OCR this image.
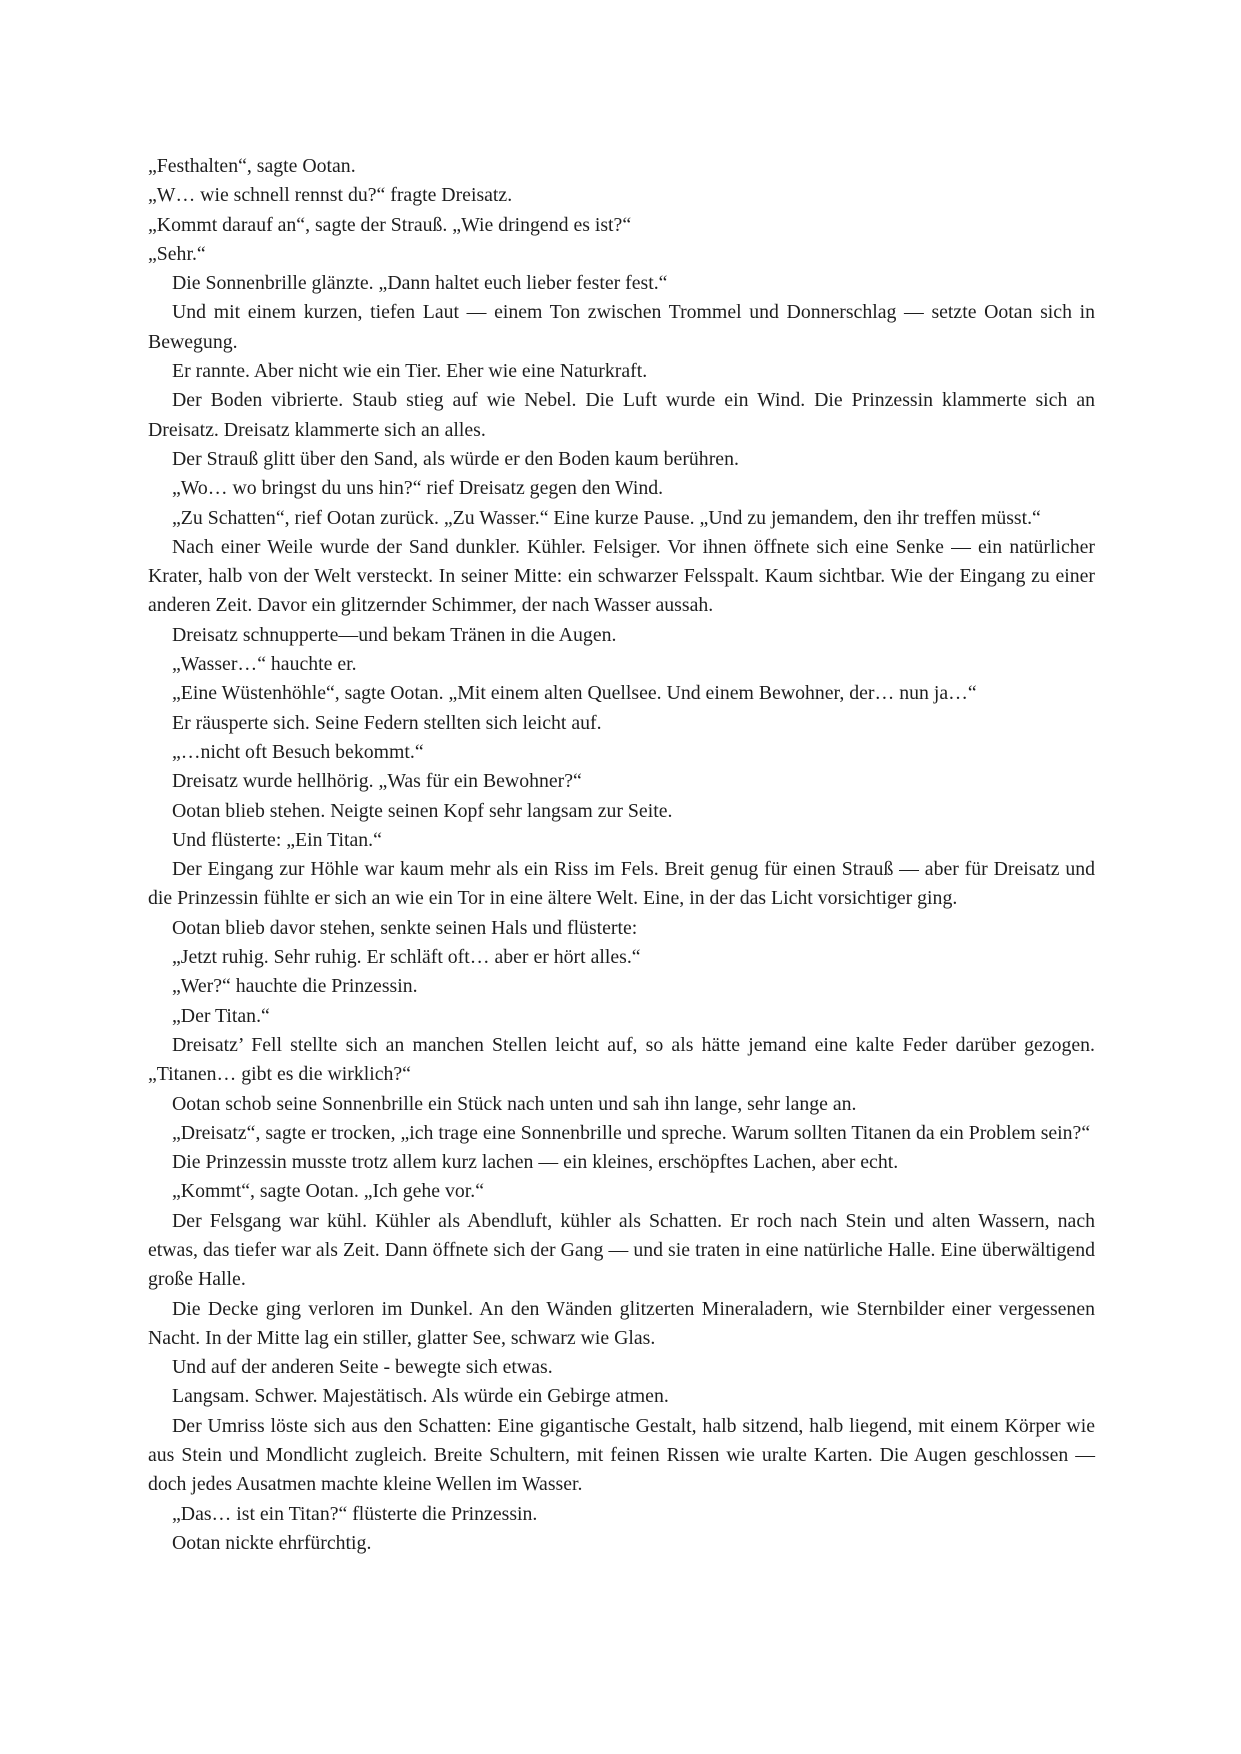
„Festhalten“, sagte Ootan.

„W… wie schnell rennst du?“ fragte Dreisatz.

„Kommt darauf an“, sagte der Strauß. „Wie dringend es ist?“

„Sehr.“

Die Sonnenbrille glänzte. „Dann haltet euch lieber fester fest.“

Und mit einem kurzen, tiefen Laut — einem Ton zwischen Trommel und Donnerschlag — setzte Ootan sich in Bewegung.

Er rannte. Aber nicht wie ein Tier. Eher wie eine Naturkraft.

Der Boden vibrierte. Staub stieg auf wie Nebel. Die Luft wurde ein Wind. Die Prinzessin klammerte sich an Dreisatz. Dreisatz klammerte sich an alles.

Der Strauß glitt über den Sand, als würde er den Boden kaum berühren.

„Wo… wo bringst du uns hin?“ rief Dreisatz gegen den Wind.

„Zu Schatten“, rief Ootan zurück. „Zu Wasser.“ Eine kurze Pause. „Und zu jemandem, den ihr treffen müsst.“

Nach einer Weile wurde der Sand dunkler. Kühler. Felsiger. Vor ihnen öffnete sich eine Senke — ein natürlicher Krater, halb von der Welt versteckt. In seiner Mitte: ein schwarzer Felsspalt. Kaum sichtbar. Wie der Eingang zu einer anderen Zeit. Davor ein glitzernder Schimmer, der nach Wasser aussah.

Dreisatz schnupperte—und bekam Tränen in die Augen.

„Wasser…“ hauchte er.

„Eine Wüstenhöhle“, sagte Ootan. „Mit einem alten Quellsee. Und einem Bewohner, der… nun ja…“

Er räusperte sich. Seine Federn stellten sich leicht auf.

„…nicht oft Besuch bekommt.“

Dreisatz wurde hellhörig. „Was für ein Bewohner?“

Ootan blieb stehen. Neigte seinen Kopf sehr langsam zur Seite.

Und flüsterte: „Ein Titan.“

Der Eingang zur Höhle war kaum mehr als ein Riss im Fels. Breit genug für einen Strauß — aber für Dreisatz und die Prinzessin fühlte er sich an wie ein Tor in eine ältere Welt. Eine, in der das Licht vorsichtiger ging.

Ootan blieb davor stehen, senkte seinen Hals und flüsterte:

„Jetzt ruhig. Sehr ruhig. Er schläft oft… aber er hört alles.“

„Wer?“ hauchte die Prinzessin.

„Der Titan.“

Dreisatz’ Fell stellte sich an manchen Stellen leicht auf, so als hätte jemand eine kalte Feder darüber gezogen. „Titanen… gibt es die wirklich?“

Ootan schob seine Sonnenbrille ein Stück nach unten und sah ihn lange, sehr lange an.

„Dreisatz“, sagte er trocken, „ich trage eine Sonnenbrille und spreche. Warum sollten Titanen da ein Problem sein?“

Die Prinzessin musste trotz allem kurz lachen — ein kleines, erschöpftes Lachen, aber echt.

„Kommt“, sagte Ootan. „Ich gehe vor.“

Der Felsgang war kühl. Kühler als Abendluft, kühler als Schatten. Er roch nach Stein und alten Wassern, nach etwas, das tiefer war als Zeit. Dann öffnete sich der Gang — und sie traten in eine natürliche Halle. Eine überwältigend große Halle.

Die Decke ging verloren im Dunkel. An den Wänden glitzerten Mineraladern, wie Sternbilder einer vergessenen Nacht. In der Mitte lag ein stiller, glatter See, schwarz wie Glas.

Und auf der anderen Seite - bewegte sich etwas.

Langsam. Schwer. Majestätisch. Als würde ein Gebirge atmen.

Der Umriss löste sich aus den Schatten: Eine gigantische Gestalt, halb sitzend, halb liegend, mit einem Körper wie aus Stein und Mondlicht zugleich. Breite Schultern, mit feinen Rissen wie uralte Karten. Die Augen geschlossen — doch jedes Ausatmen machte kleine Wellen im Wasser.

„Das… ist ein Titan?“ flüsterte die Prinzessin.

Ootan nickte ehrfürchtig.
